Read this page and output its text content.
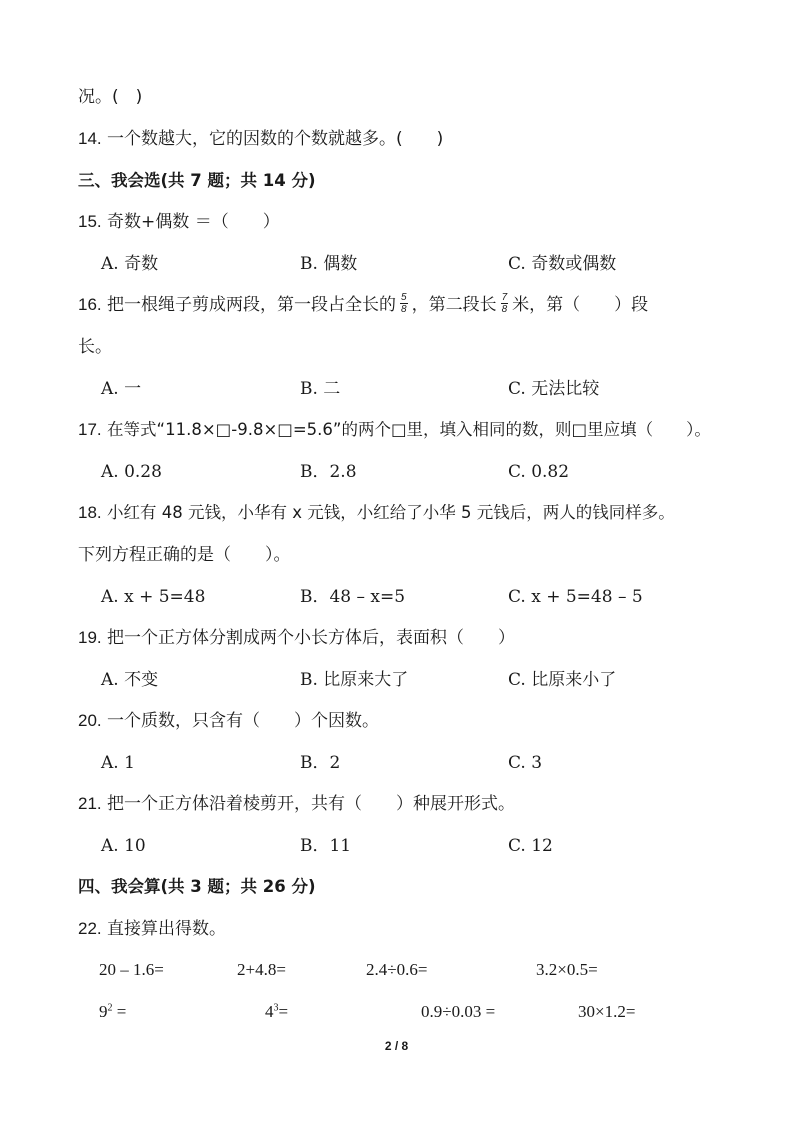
况。(　)
14. 一个数越大，它的因数的个数就越多。(　　)
三、我会选(共 7 题；共 14 分)
15. 奇数+偶数 ＝（　　）
A. 奇数	B. 偶数	C. 奇数或偶数
16. 把一根绳子剪成两段，第一段占全长的 $\frac{5}{8}$ ，第二段长 $\frac{7}{8}$ 米，第（　　）段
长。
A. 一	B. 二	C. 无法比较
17. 在等式“11.8×□-9.8×□=5.6”的两个□里，填入相同的数，则□里应填（　　）。
A. 0.28	B．2.8	C. 0.82
18. 小红有 48 元钱，小华有 x 元钱，小红给了小华 5 元钱后，两人的钱同样多。
下列方程正确的是（　　）。
A. x + 5=48	B．48 – x=5	C. x + 5=48 – 5
19. 把一个正方体分割成两个小长方体后，表面积（　　）
A. 不变	B. 比原来大了	C. 比原来小了
20. 一个质数，只含有（　　）个因数。
A. 1	B．2	C. 3
21. 把一个正方体沿着棱剪开，共有（　　）种展开形式。
A. 10	B．11	C. 12
四、我会算(共 3 题；共 26 分)
22. 直接算出得数。
20 – 1.6=	2+4.8=	2.4÷0.6=	3.2×0.5=
$9^2$ =	$4^3=$	0.9÷0.03 =	30×1.2=
2 / 8
